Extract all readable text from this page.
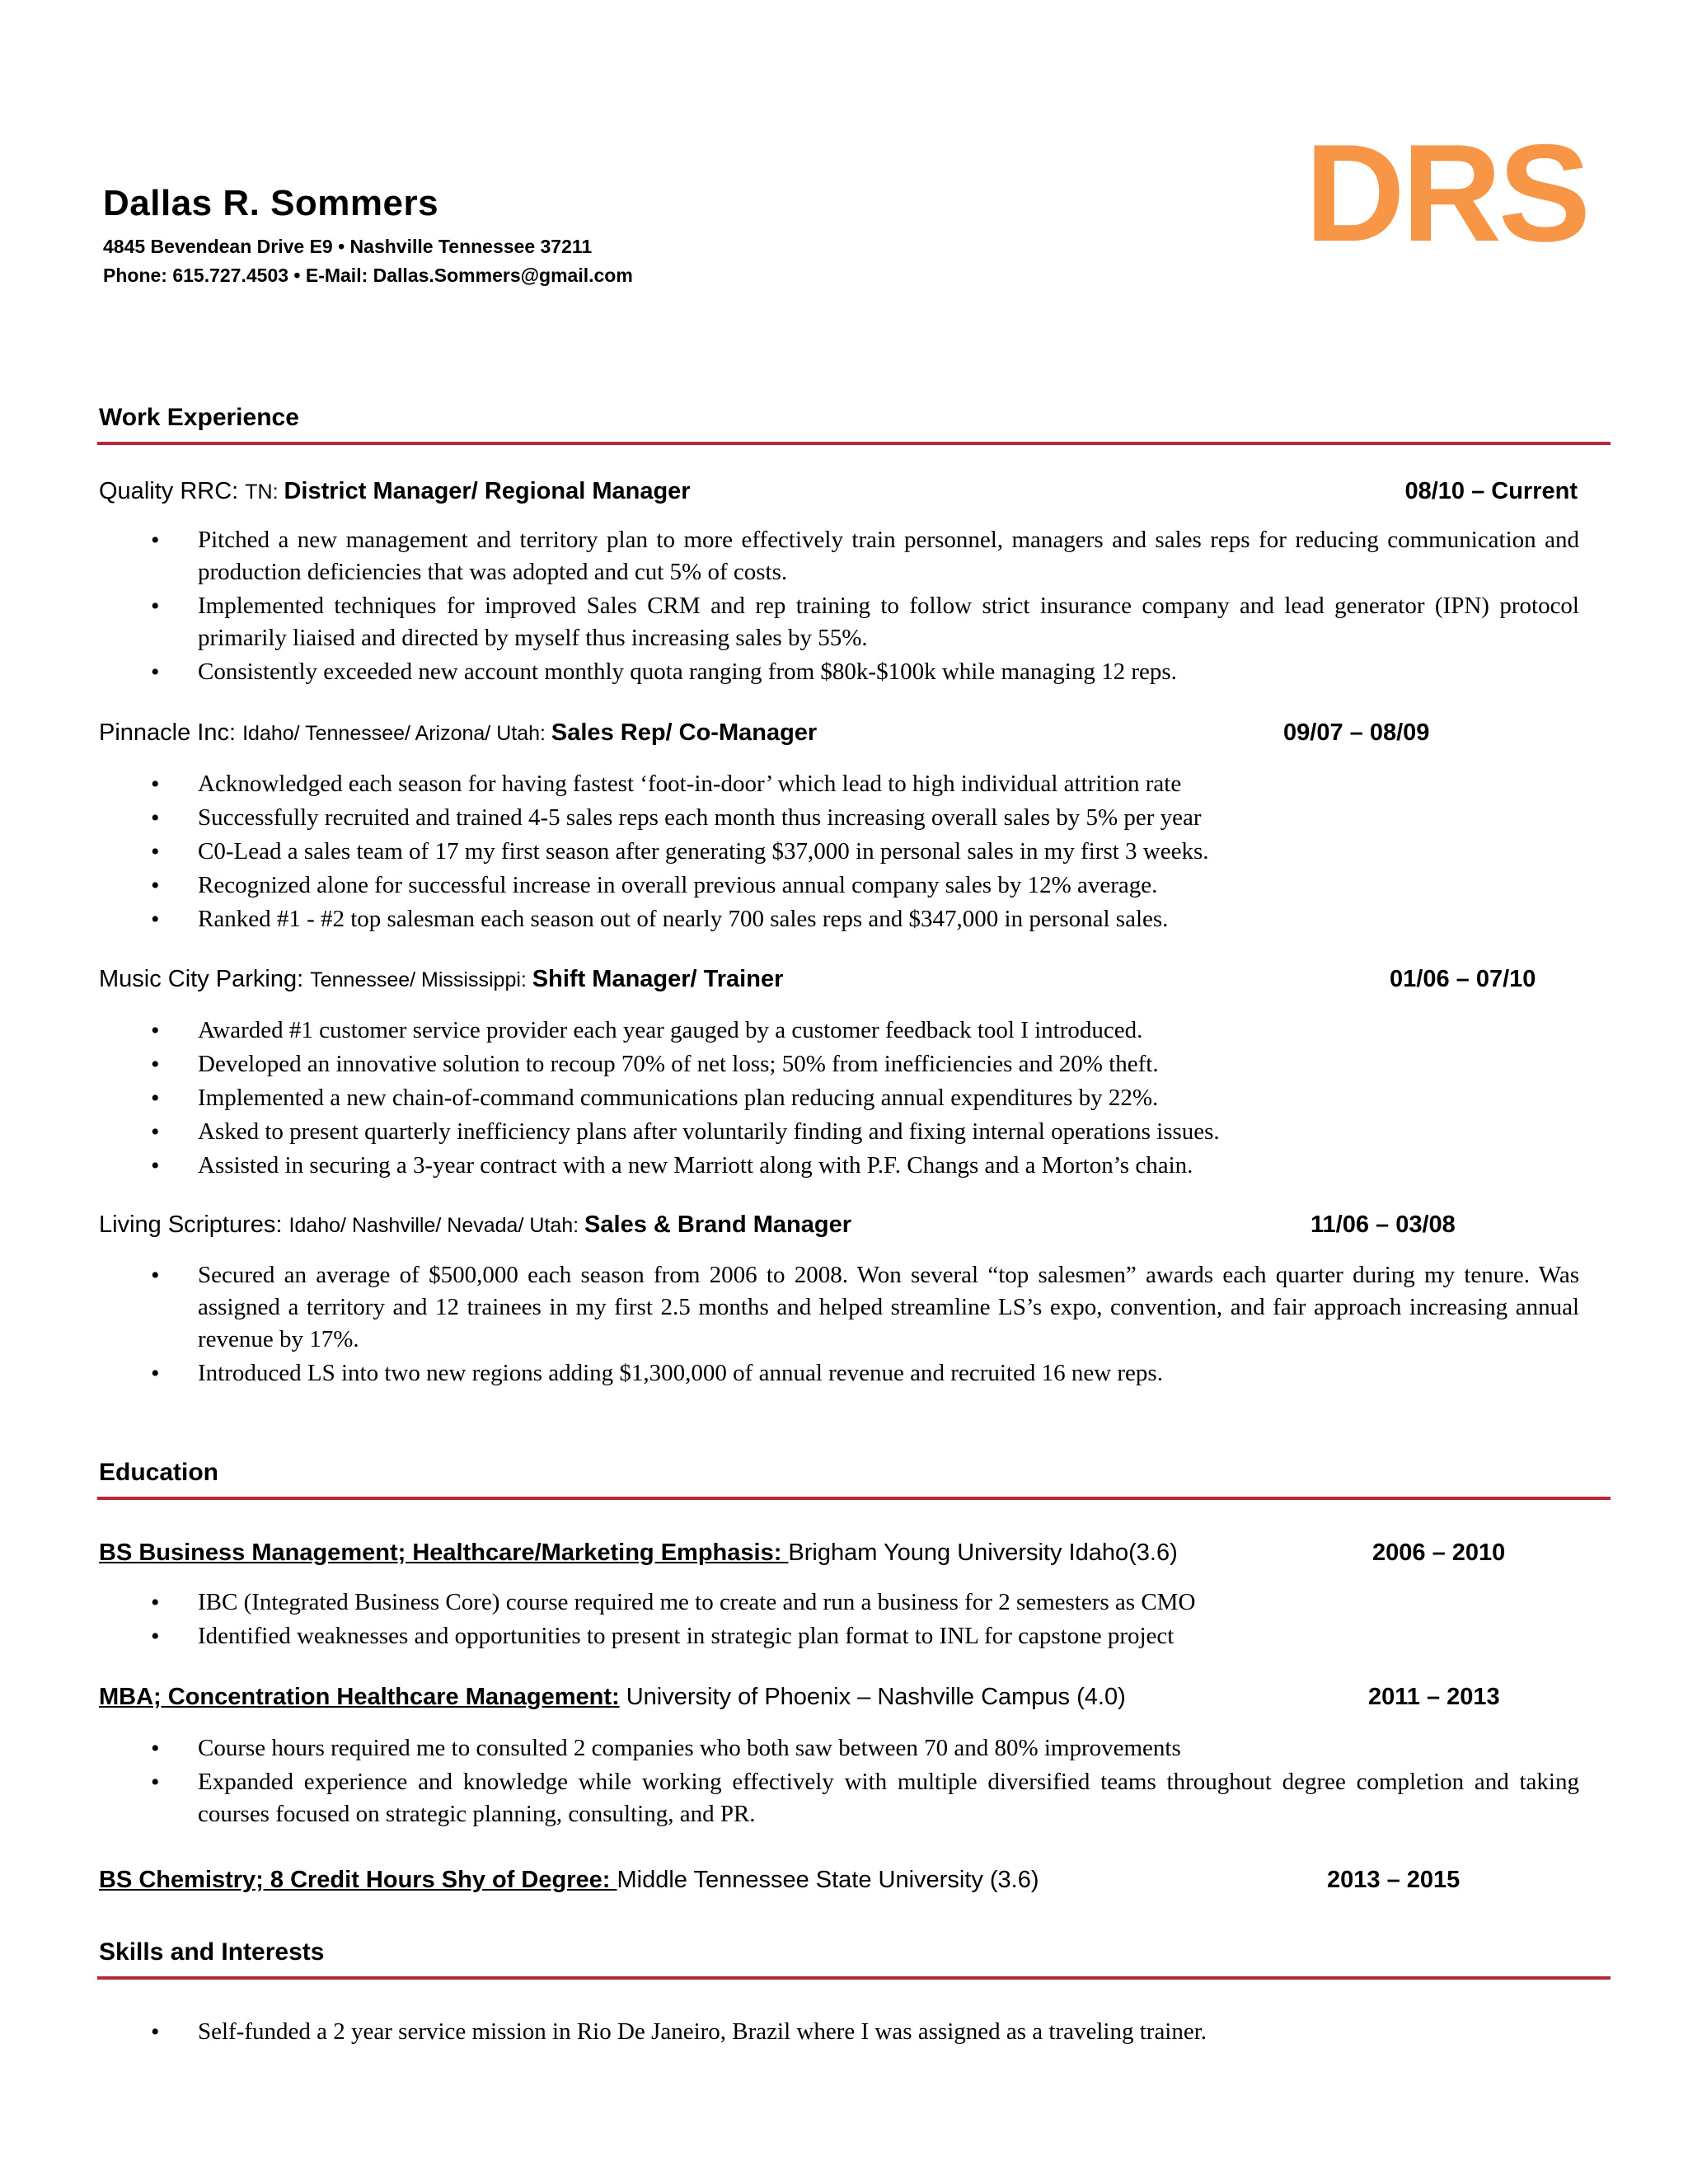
Dallas R. Sommers
4845 Bevendean Drive E9 • Nashville Tennessee 37211
Phone: 615.727.4503 • E-Mail: Dallas.Sommers@gmail.com
DRS
Work Experience
Quality RRC: TN: District Manager/ Regional Manager	08/10 – Current
• Pitched a new management and territory plan to more effectively train personnel, managers and sales reps for reducing communication and production deficiencies that was adopted and cut 5% of costs.
• Implemented techniques for improved Sales CRM and rep training to follow strict insurance company and lead generator (IPN) protocol primarily liaised and directed by myself thus increasing sales by 55%.
• Consistently exceeded new account monthly quota ranging from $80k-$100k while managing 12 reps.
Pinnacle Inc: Idaho/ Tennessee/ Arizona/ Utah: Sales Rep/ Co-Manager	09/07 – 08/09
• Acknowledged each season for having fastest ‘foot-in-door’ which lead to high individual attrition rate
• Successfully recruited and trained 4-5 sales reps each month thus increasing overall sales by 5% per year
• C0-Lead a sales team of 17 my first season after generating $37,000 in personal sales in my first 3 weeks.
• Recognized alone for successful increase in overall previous annual company sales by 12% average.
• Ranked #1 - #2 top salesman each season out of nearly 700 sales reps and $347,000 in personal sales.
Music City Parking: Tennessee/ Mississippi: Shift Manager/ Trainer	01/06 – 07/10
• Awarded #1 customer service provider each year gauged by a customer feedback tool I introduced.
• Developed an innovative solution to recoup 70% of net loss; 50% from inefficiencies and 20% theft.
• Implemented a new chain-of-command communications plan reducing annual expenditures by 22%.
• Asked to present quarterly inefficiency plans after voluntarily finding and fixing internal operations issues.
• Assisted in securing a 3-year contract with a new Marriott along with P.F. Changs and a Morton’s chain.
Living Scriptures: Idaho/ Nashville/ Nevada/ Utah: Sales & Brand Manager	11/06 – 03/08
• Secured an average of $500,000 each season from 2006 to 2008. Won several “top salesmen” awards each quarter during my tenure. Was assigned a territory and 12 trainees in my first 2.5 months and helped streamline LS’s expo, convention, and fair approach increasing annual revenue by 17%.
• Introduced LS into two new regions adding $1,300,000 of annual revenue and recruited 16 new reps.
Education
BS Business Management; Healthcare/Marketing Emphasis: Brigham Young University Idaho(3.6)	2006 – 2010
• IBC (Integrated Business Core) course required me to create and run a business for 2 semesters as CMO
• Identified weaknesses and opportunities to present in strategic plan format to INL for capstone project
MBA; Concentration Healthcare Management: University of Phoenix – Nashville Campus (4.0)	2011 – 2013
• Course hours required me to consulted 2 companies who both saw between 70 and 80% improvements
• Expanded experience and knowledge while working effectively with multiple diversified teams throughout degree completion and taking courses focused on strategic planning, consulting, and PR.
BS Chemistry; 8 Credit Hours Shy of Degree: Middle Tennessee State University (3.6)	2013 – 2015
Skills and Interests
• Self-funded a 2 year service mission in Rio De Janeiro, Brazil where I was assigned as a traveling trainer.
